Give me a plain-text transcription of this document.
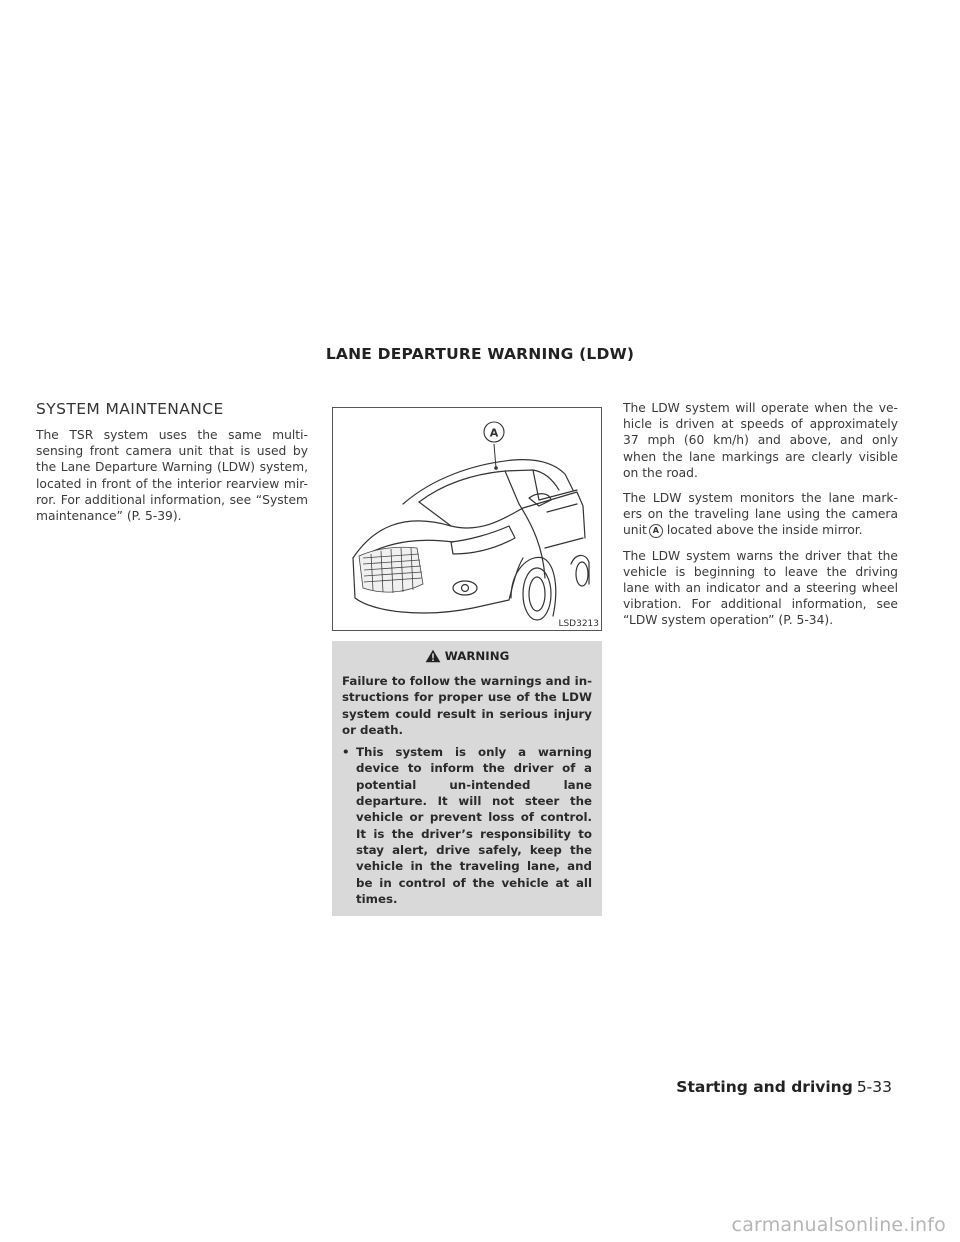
LANE DEPARTURE WARNING (LDW)
SYSTEM MAINTENANCE

The TSR system uses the same multi-sensing front camera unit that is used by the Lane Departure Warning (LDW) system, located in front of the interior rearview mir-ror. For additional information, see “System maintenance” (P. 5-39).

A
LSD3213
WARNING

Failure to follow the warnings and in-structions for proper use of the LDW system could result in serious injury or death.

• This system is only a warning device to inform the driver of a potential un-intended lane departure. It will not steer the vehicle or prevent loss of control. It is the driver’s responsibility to stay alert, drive safely, keep the vehicle in the traveling lane, and be in control of the vehicle at all times.

The LDW system will operate when the ve-hicle is driven at speeds of approximately 37 mph (60 km/h) and above, and only when the lane markings are clearly visible on the road.

The LDW system monitors the lane mark-ers on the traveling lane using the camera unit A located above the inside mirror.

The LDW system warns the driver that the vehicle is beginning to leave the driving lane with an indicator and a steering wheel vibration. For additional information, see “LDW system operation” (P. 5-34).

Starting and driving 5-33
carmanualsonline.info
